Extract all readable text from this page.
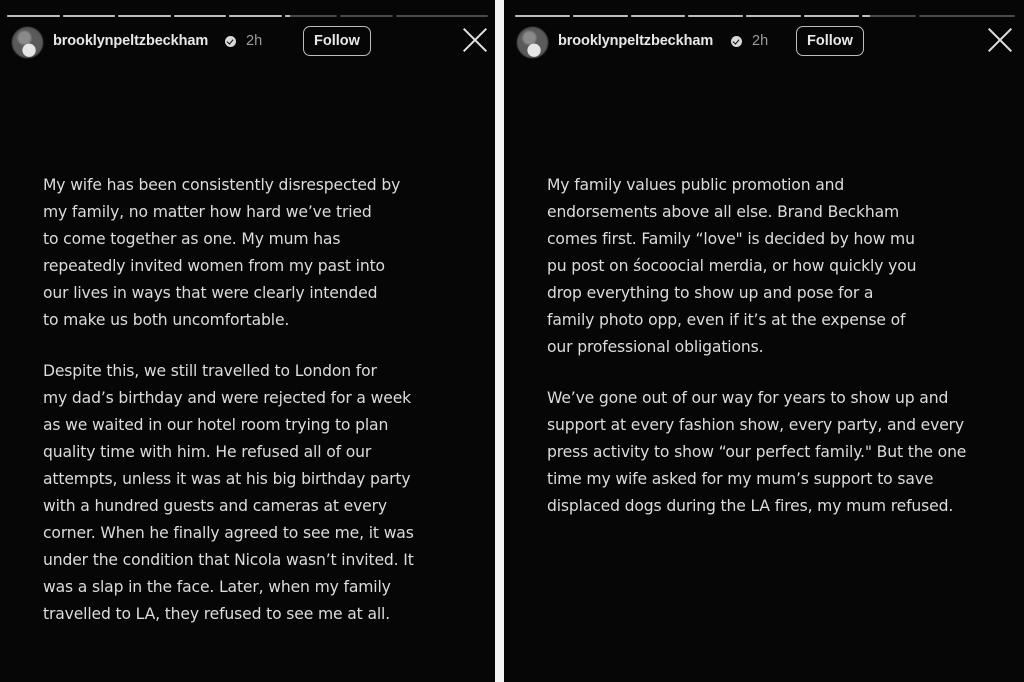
brooklynpeltzbeckham	2h	Follow
My wife has been consistently disrespected by
my family, no matter how hard we’ve tried
to come together as one. My mum has
repeatedly invited women from my past into
our lives in ways that were clearly intended
to make us both uncomfortable.
Despite this, we still travelled to London for
my dad’s birthday and were rejected for a week
as we waited in our hotel room trying to plan
quality time with him. He refused all of our
attempts, unless it was at his big birthday party
with a hundred guests and cameras at every
corner. When he finally agreed to see me, it was
under the condition that Nicola wasn’t invited. It
was a slap in the face. Later, when my family
travelled to LA, they refused to see me at all.
brooklynpeltzbeckham	2h	Follow
My family values public promotion and
endorsements above all else. Brand Beckham
comes first. Family “love" is decided by how mu
pu post on śocoocial merdia, or how quickly you
drop everything to show up and pose for a
family photo opp, even if it’s at the expense of
our professional obligations.
We’ve gone out of our way for years to show up and
support at every fashion show, every party, and every
press activity to show “our perfect family." But the one
time my wife asked for my mum’s support to save
displaced dogs during the LA fires, my mum refused.
